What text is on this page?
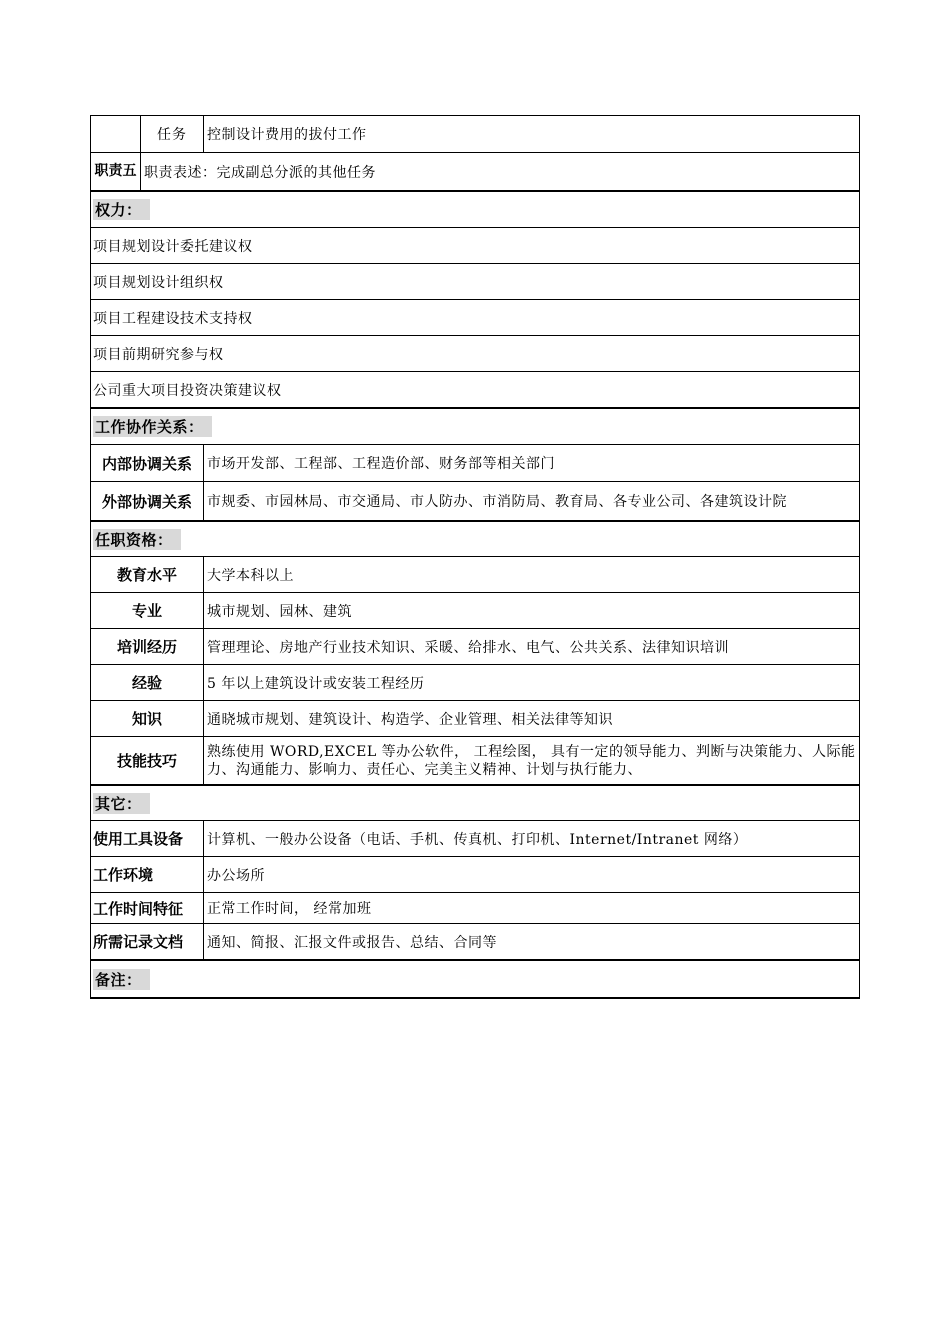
任务	控制设计费用的拔付工作
职责五 职责表述：完成副总分派的其他任务
权力：
项目规划设计委托建议权
项目规划设计组织权
项目工程建设技术支持权
项目前期研究参与权
公司重大项目投资决策建议权
工作协作关系：
内部协调关系	市场开发部、工程部、工程造价部、财务部等相关部门
外部协调关系	市规委、市园林局、市交通局、市人防办、市消防局、教育局、各专业公司、各建筑设计院
任职资格：
教育水平	大学本科以上
专业	城市规划、园林、建筑
培训经历	管理理论、房地产行业技术知识、采暖、给排水、电气、公共关系、法律知识培训
经验	5 年以上建筑设计或安装工程经历
知识	通晓城市规划、建筑设计、构造学、企业管理、相关法律等知识
技能技巧	熟练使用 WORD,EXCEL 等办公软件， 工程绘图， 具有一定的领导能力、判断与决策能力、人际能力、沟通能力、影响力、责任心、完美主义精神、计划与执行能力、
其它：
使用工具设备	计算机、一般办公设备（电话、手机、传真机、打印机、Internet/Intranet 网络）
工作环境	办公场所
工作时间特征	正常工作时间， 经常加班
所需记录文档	通知、简报、汇报文件或报告、总结、合同等
备注：
